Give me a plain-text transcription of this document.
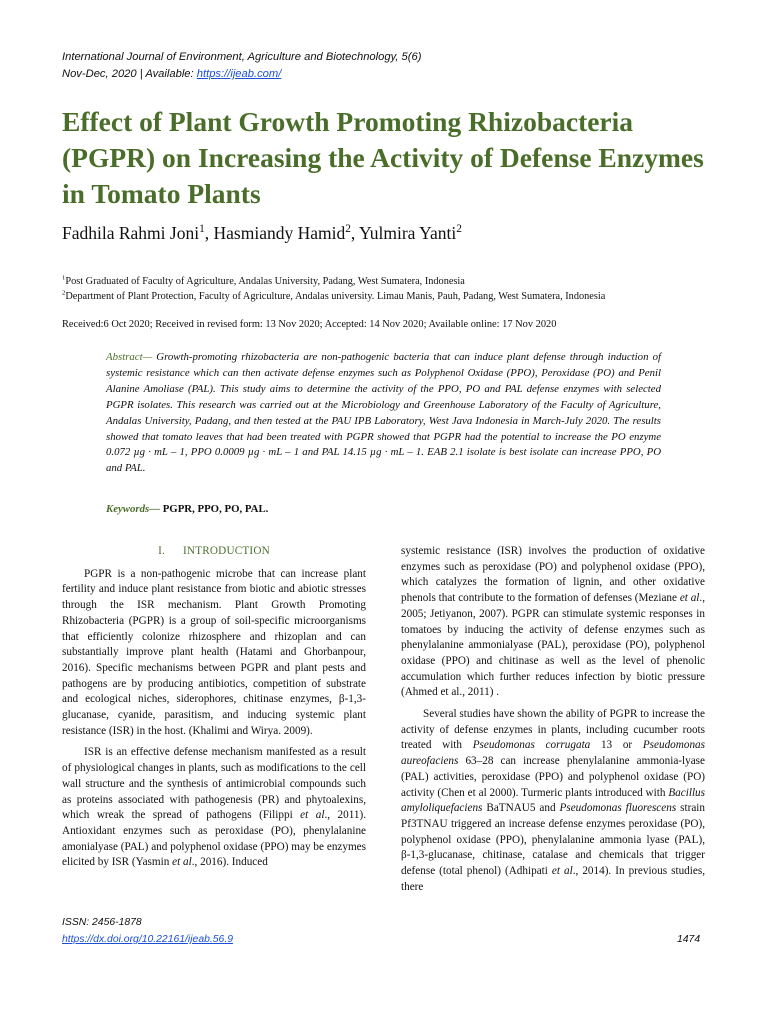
International Journal of Environment, Agriculture and Biotechnology, 5(6)
Nov-Dec, 2020 | Available: https://ijeab.com/
Effect of Plant Growth Promoting Rhizobacteria (PGPR) on Increasing the Activity of Defense Enzymes in Tomato Plants
Fadhila Rahmi Joni$^1$, Hasmiandy Hamid$^2$, Yulmira Yanti$^2$
$^1$Post Graduated of Faculty of Agriculture, Andalas University, Padang, West Sumatera, Indonesia
$^2$Department of Plant Protection, Faculty of Agriculture, Andalas university. Limau Manis, Pauh, Padang, West Sumatera, Indonesia
Received:6 Oct 2020; Received in revised form: 13 Nov 2020; Accepted: 14 Nov 2020; Available online: 17 Nov 2020

Abstract— Growth-promoting rhizobacteria are non-pathogenic bacteria that can induce plant defense through induction of systemic resistance which can then activate defense enzymes such as Polyphenol Oxidase (PPO), Peroxidase (PO) and Penil Alanine Amoliase (PAL). This study aims to determine the activity of the PPO, PO and PAL defense enzymes with selected PGPR isolates. This research was carried out at the Microbiology and Greenhouse Laboratory of the Faculty of Agriculture, Andalas University, Padang, and then tested at the PAU IPB Laboratory, West Java Indonesia in March-July 2020. The results showed that tomato leaves that had been treated with PGPR showed that PGPR had the potential to increase the PO enzyme 0.072 µg · mL – 1, PPO 0.0009 µg · mL – 1 and PAL 14.15 µg · mL – 1. EAB 2.1 isolate is best isolate can increase PPO, PO and PAL.

Keywords— PGPR, PPO, PO, PAL.
I. INTRODUCTION

PGPR is a non-pathogenic microbe that can increase plant fertility and induce plant resistance from biotic and abiotic stresses through the ISR mechanism. Plant Growth Promoting Rhizobacteria (PGPR) is a group of soil-specific microorganisms that efficiently colonize rhizosphere and rhizoplan and can substantially improve plant health (Hatami and Ghorbanpour, 2016). Specific mechanisms between PGPR and plant pests and pathogens are by producing antibiotics, competition of substrate and ecological niches, siderophores, chitinase enzymes, β-1,3-glucanase, cyanide, parasitism, and inducing systemic plant resistance (ISR) in the host. (Khalimi and Wirya. 2009).

ISR is an effective defense mechanism manifested as a result of physiological changes in plants, such as modifications to the cell wall structure and the synthesis of antimicrobial compounds such as proteins associated with pathogenesis (PR) and phytoalexins, which wreak the spread of pathogens (Filippi et al., 2011). Antioxidant enzymes such as peroxidase (PO), phenylalanine amonialyase (PAL) and polyphenol oxidase (PPO) may be enzymes elicited by ISR (Yasmin et al., 2016). Induced

systemic resistance (ISR) involves the production of oxidative enzymes such as peroxidase (PO) and polyphenol oxidase (PPO), which catalyzes the formation of lignin, and other oxidative phenols that contribute to the formation of defenses (Meziane et al., 2005; Jetiyanon, 2007). PGPR can stimulate systemic responses in tomatoes by inducing the activity of defense enzymes such as phenylalanine ammonialyase (PAL), peroxidase (PO), polyphenol oxidase (PPO) and chitinase as well as the level of phenolic accumulation which further reduces infection by biotic pressure (Ahmed et al., 2011) .

Several studies have shown the ability of PGPR to increase the activity of defense enzymes in plants, including cucumber roots treated with Pseudomonas corrugata 13 or Pseudomonas aureofaciens 63–28 can increase phenylalanine ammonia-lyase (PAL) activities, peroxidase (PPO) and polyphenol oxidase (PO) activity (Chen et al 2000). Turmeric plants introduced with Bacillus amyloliquefaciens BaTNAU5 and Pseudomonas fluorescens strain Pf3TNAU triggered an increase defense enzymes peroxidase (PO), polyphenol oxidase (PPO), phenylalanine ammonia lyase (PAL), β-1,3-glucanase, chitinase, catalase and chemicals that trigger defense (total phenol) (Adhipati et al., 2014). In previous studies, there

ISSN: 2456-1878
https://dx.doi.org/10.22161/ijeab.56.9	1474
